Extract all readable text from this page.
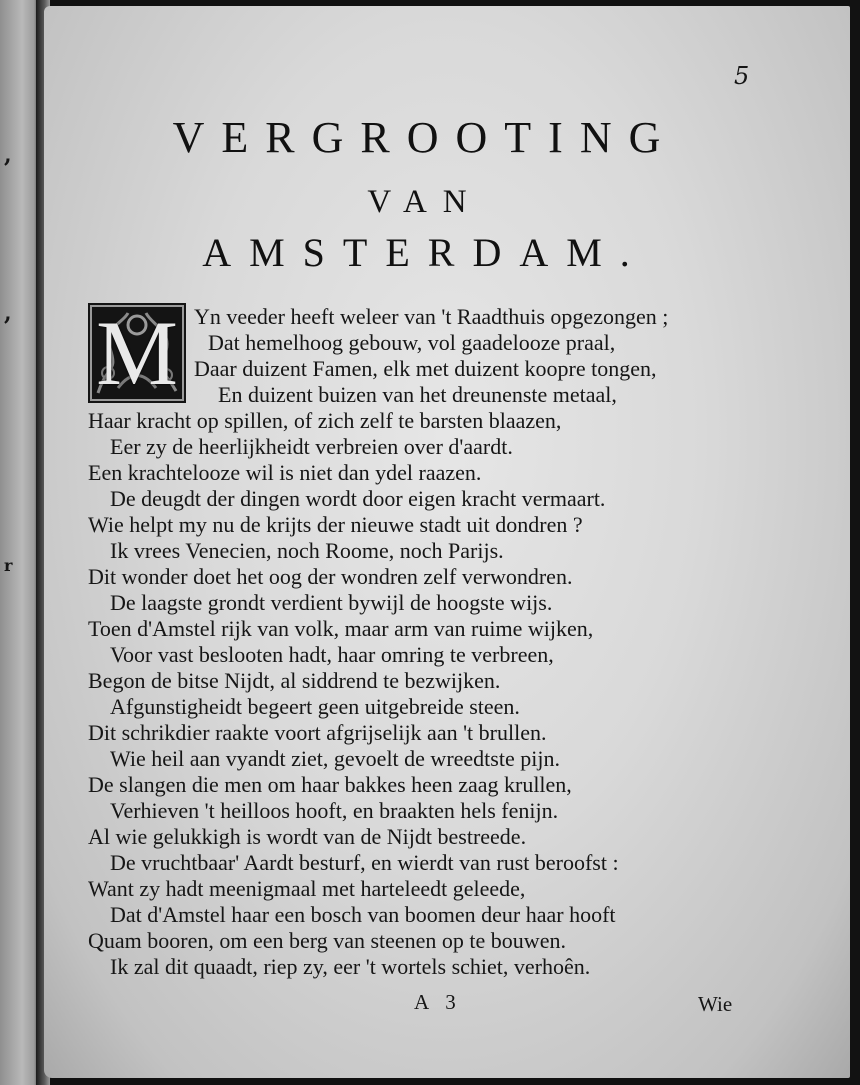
,
,
r
5
VERGROOTING
VAN
AMSTERDAM.
M Yn veeder heeft weleer van 't Raadthuis opgezongen ;
Dat hemelhoog gebouw, vol gaadelooze praal,
Daar duizent Famen, elk met duizent koopre tongen,
En duizent buizen van het dreunenste metaal,
Haar kracht op spillen, of zich zelf te barsten blaazen,
Eer zy de heerlijkheidt verbreien over d'aardt.
Een krachtelooze wil is niet dan ydel raazen.
De deugdt der dingen wordt door eigen kracht vermaart.
Wie helpt my nu de krijts der nieuwe stadt uit dondren ?
Ik vrees Venecien, noch Roome, noch Parijs.
Dit wonder doet het oog der wondren zelf verwondren.
De laagste grondt verdient bywijl de hoogste wijs.
Toen d'Amstel rijk van volk, maar arm van ruime wijken,
Voor vast beslooten hadt, haar omring te verbreen,
Begon de bitse Nijdt, al siddrend te bezwijken.
Afgunstigheidt begeert geen uitgebreide steen.
Dit schrikdier raakte voort afgrijselijk aan 't brullen.
Wie heil aan vyandt ziet, gevoelt de wreedtste pijn.
De slangen die men om haar bakkes heen zaag krullen,
Verhieven 't heilloos hooft, en braakten hels fenijn.
Al wie gelukkigh is wordt van de Nijdt bestreede.
De vruchtbaar' Aardt besturf, en wierdt van rust beroofst :
Want zy hadt meenigmaal met harteleedt geleede,
Dat d'Amstel haar een bosch van boomen deur haar hooft
Quam booren, om een berg van steenen op te bouwen.
Ik zal dit quaadt, riep zy, eer 't wortels schiet, verhoên.
A 3	Wie
